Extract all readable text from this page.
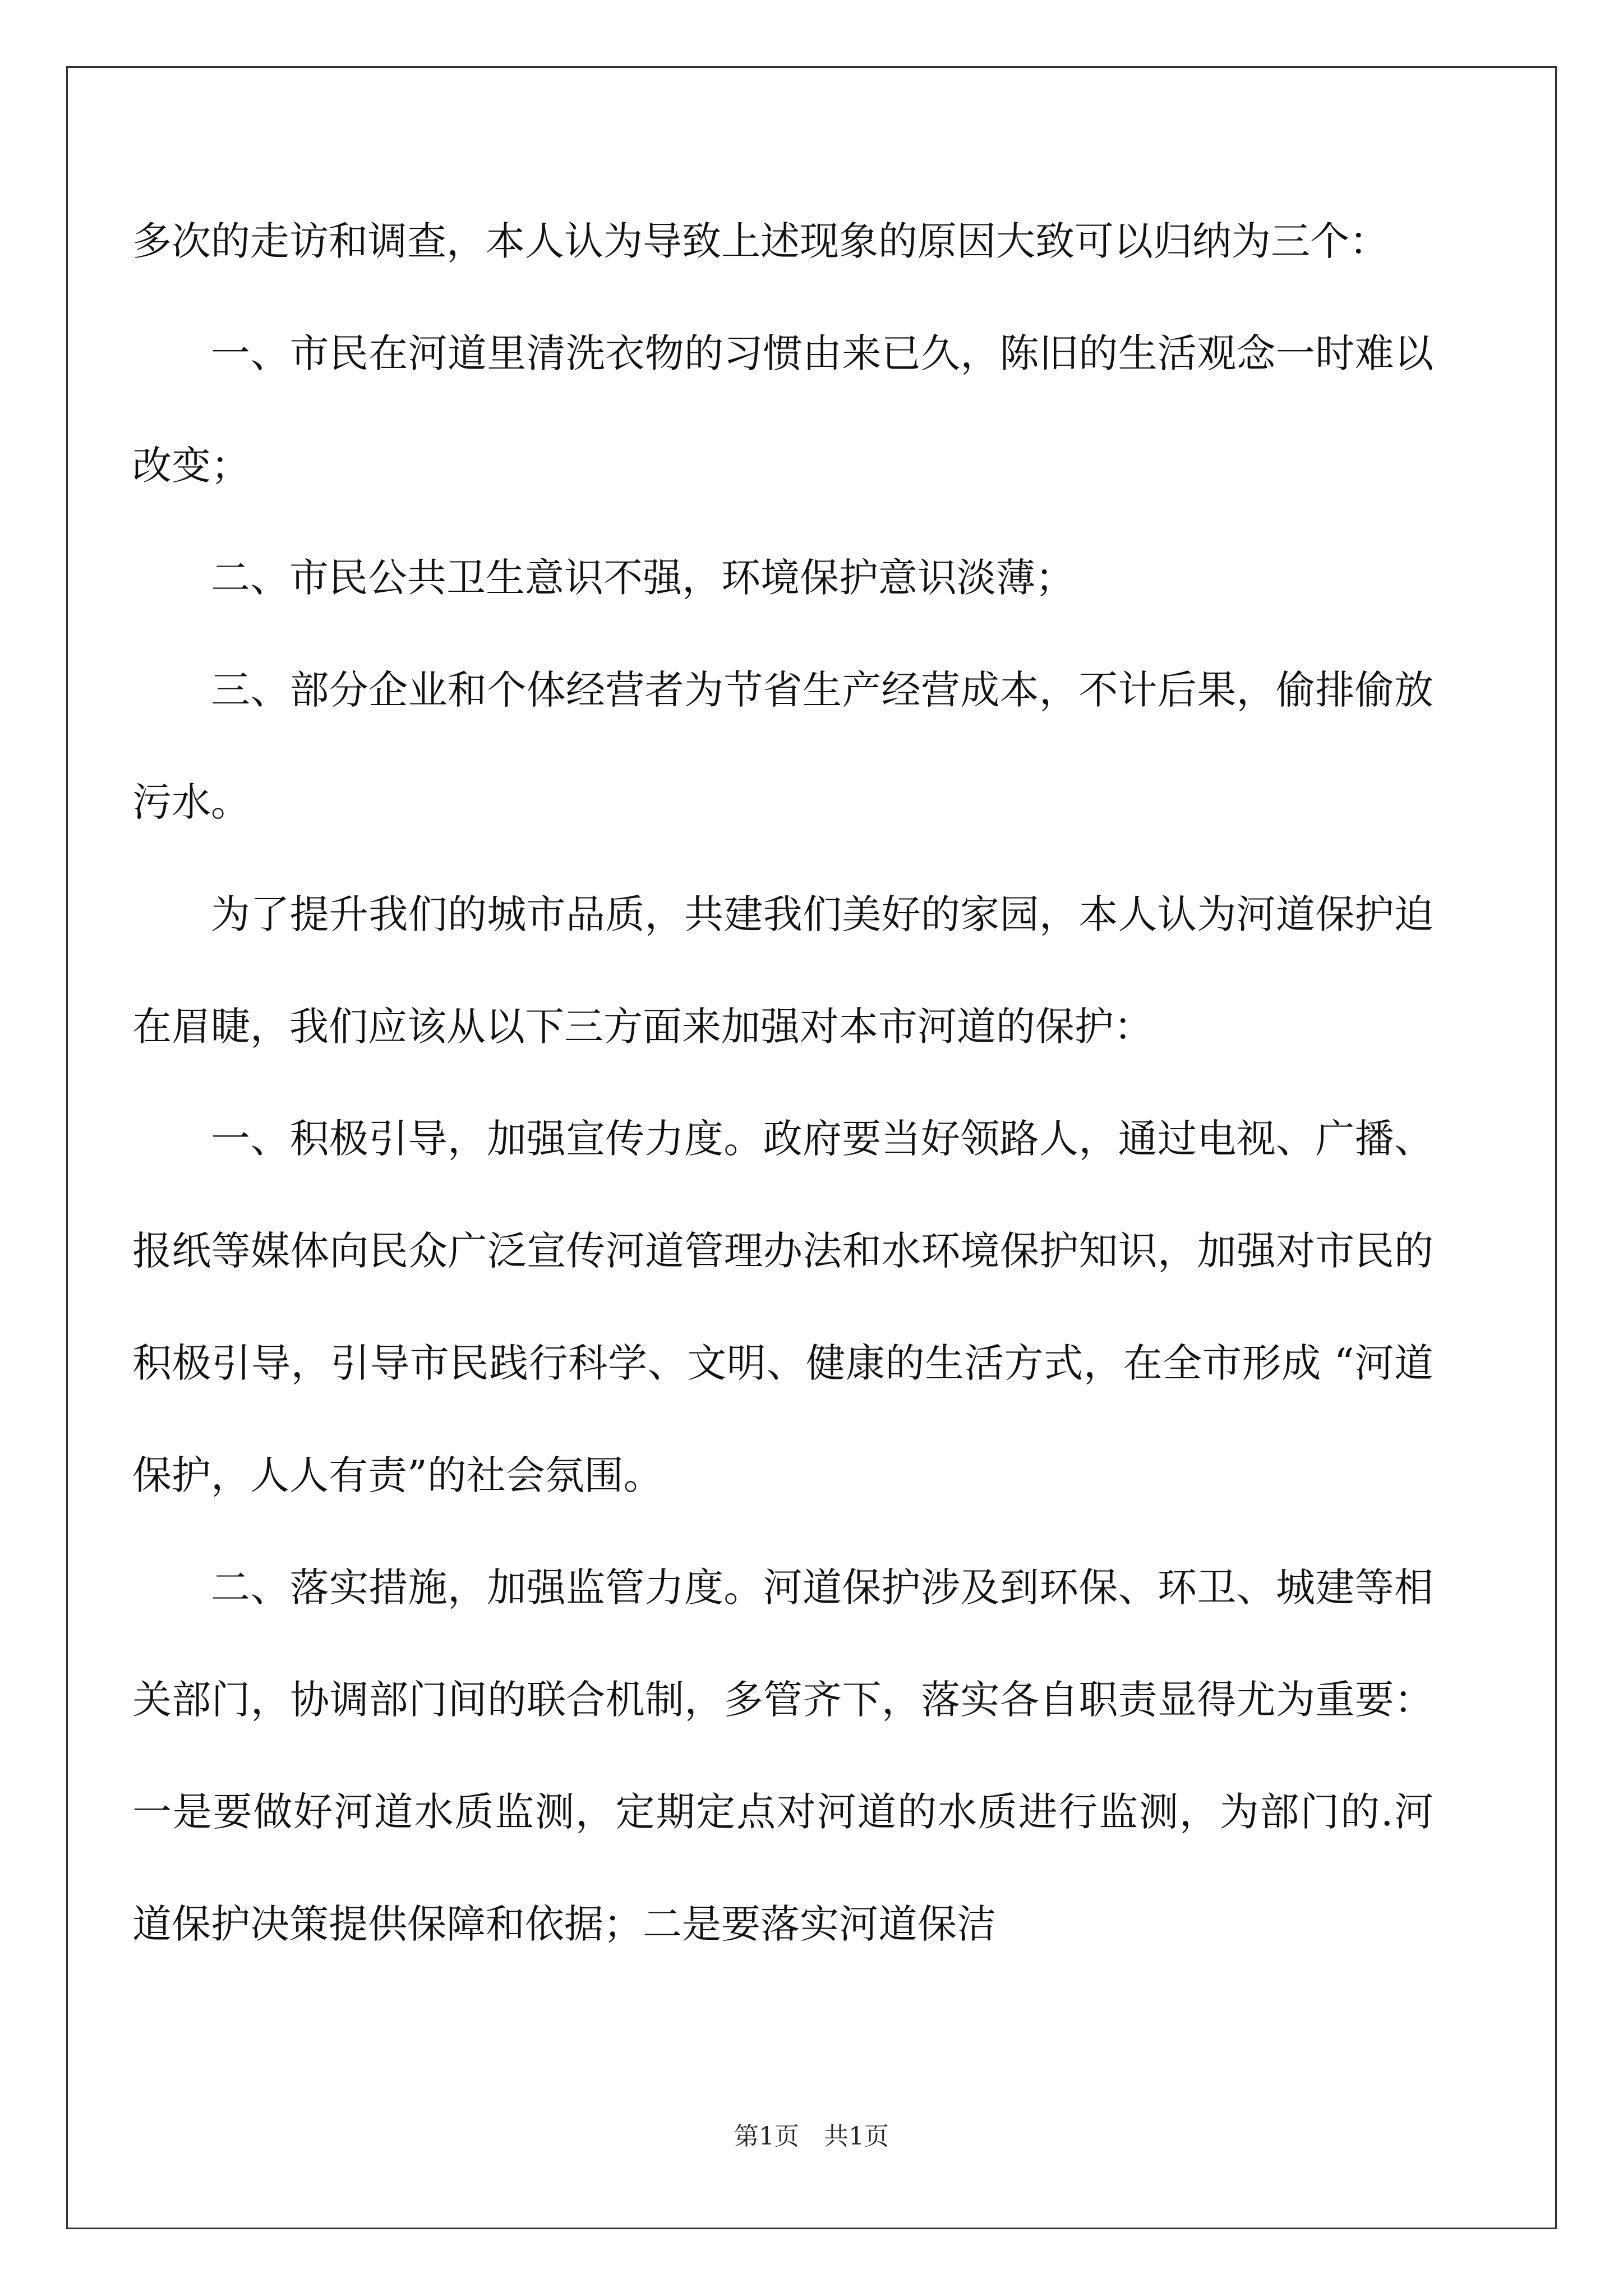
多次的走访和调查，本人认为导致上述现象的原因大致可以归纳为三个：

一、市民在河道里清洗衣物的习惯由来已久，陈旧的生活观念一时难以改变；

二、市民公共卫生意识不强，环境保护意识淡薄；

三、部分企业和个体经营者为节省生产经营成本，不计后果，偷排偷放污水。

为了提升我们的城市品质，共建我们美好的家园，本人认为河道保护迫在眉睫，我们应该从以下三方面来加强对本市河道的保护：

一、积极引导，加强宣传力度。政府要当好领路人，通过电视、广播、报纸等媒体向民众广泛宣传河道管理办法和水环境保护知识，加强对市民的积极引导，引导市民践行科学、文明、健康的生活方式，在全市形成 “河道保护，人人有责”的社会氛围。

二、落实措施，加强监管力度。河道保护涉及到环保、环卫、城建等相关部门，协调部门间的联合机制，多管齐下，落实各自职责显得尤为重要：一是要做好河道水质监测，定期定点对河道的水质进行监测，为部门的.河道保护决策提供保障和依据；二是要落实河道保洁

第1页　共1页
